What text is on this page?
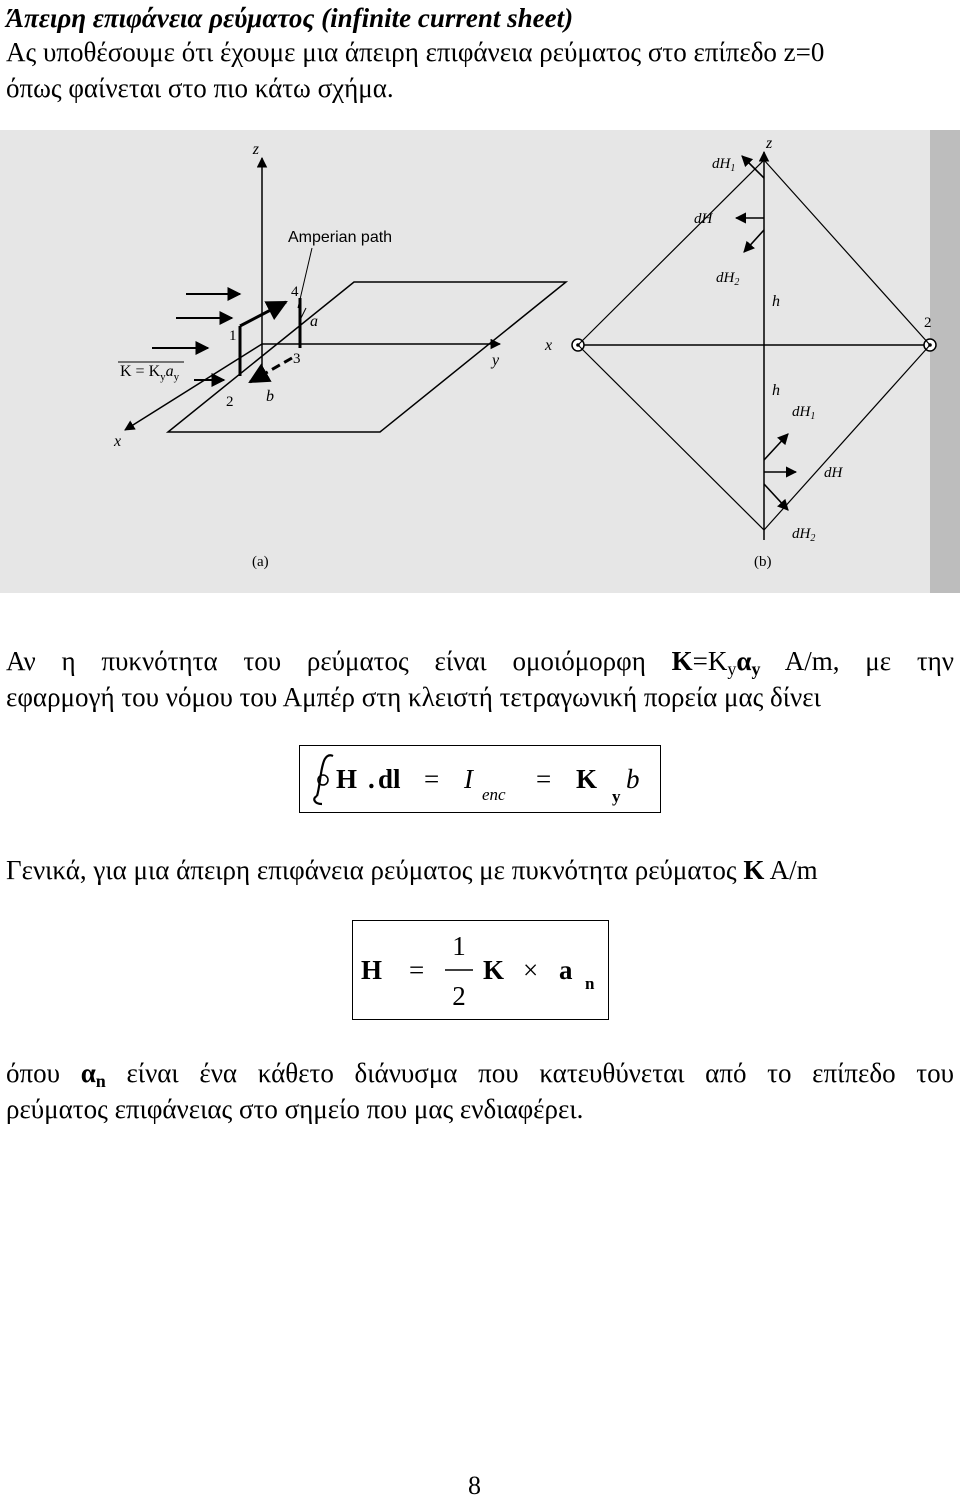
Άπειρη επιφάνεια ρεύματος (infinite current sheet)
Ας υποθέσουμε ότι έχουμε μια άπειρη επιφάνεια ρεύματος στο επίπεδο z=0
όπως φαίνεται στο πιο κάτω σχήμα.
z
y
x
Amperian path
1
2
3
4
a
b
$K = K_ya_y$
(a)
x
2
z
h
h
$dH_1$
dH
$dH_2$
$dH_1$
dH
$dH_2$
(b)
Αν η πυκνότητα του ρεύματος είναι ομοιόμορφη $K=K_y\alpha_y$ A/m, με την
εφαρμογή του νόμου του Αμπέρ στη κλειστή τετραγωνική πορεία μας δίνει
H . dl = I
enc
= K
y
b
Γενικά, για μια άπειρη επιφάνεια ρεύματος με πυκνότητα ρεύματος K A/m
H =
1
2
K × a n
όπου $\alpha_n$ είναι ένα κάθετο διάνυσμα που κατευθύνεται από το επίπεδο του
ρεύματος επιφάνειας στο σημείο που μας ενδιαφέρει.
8
